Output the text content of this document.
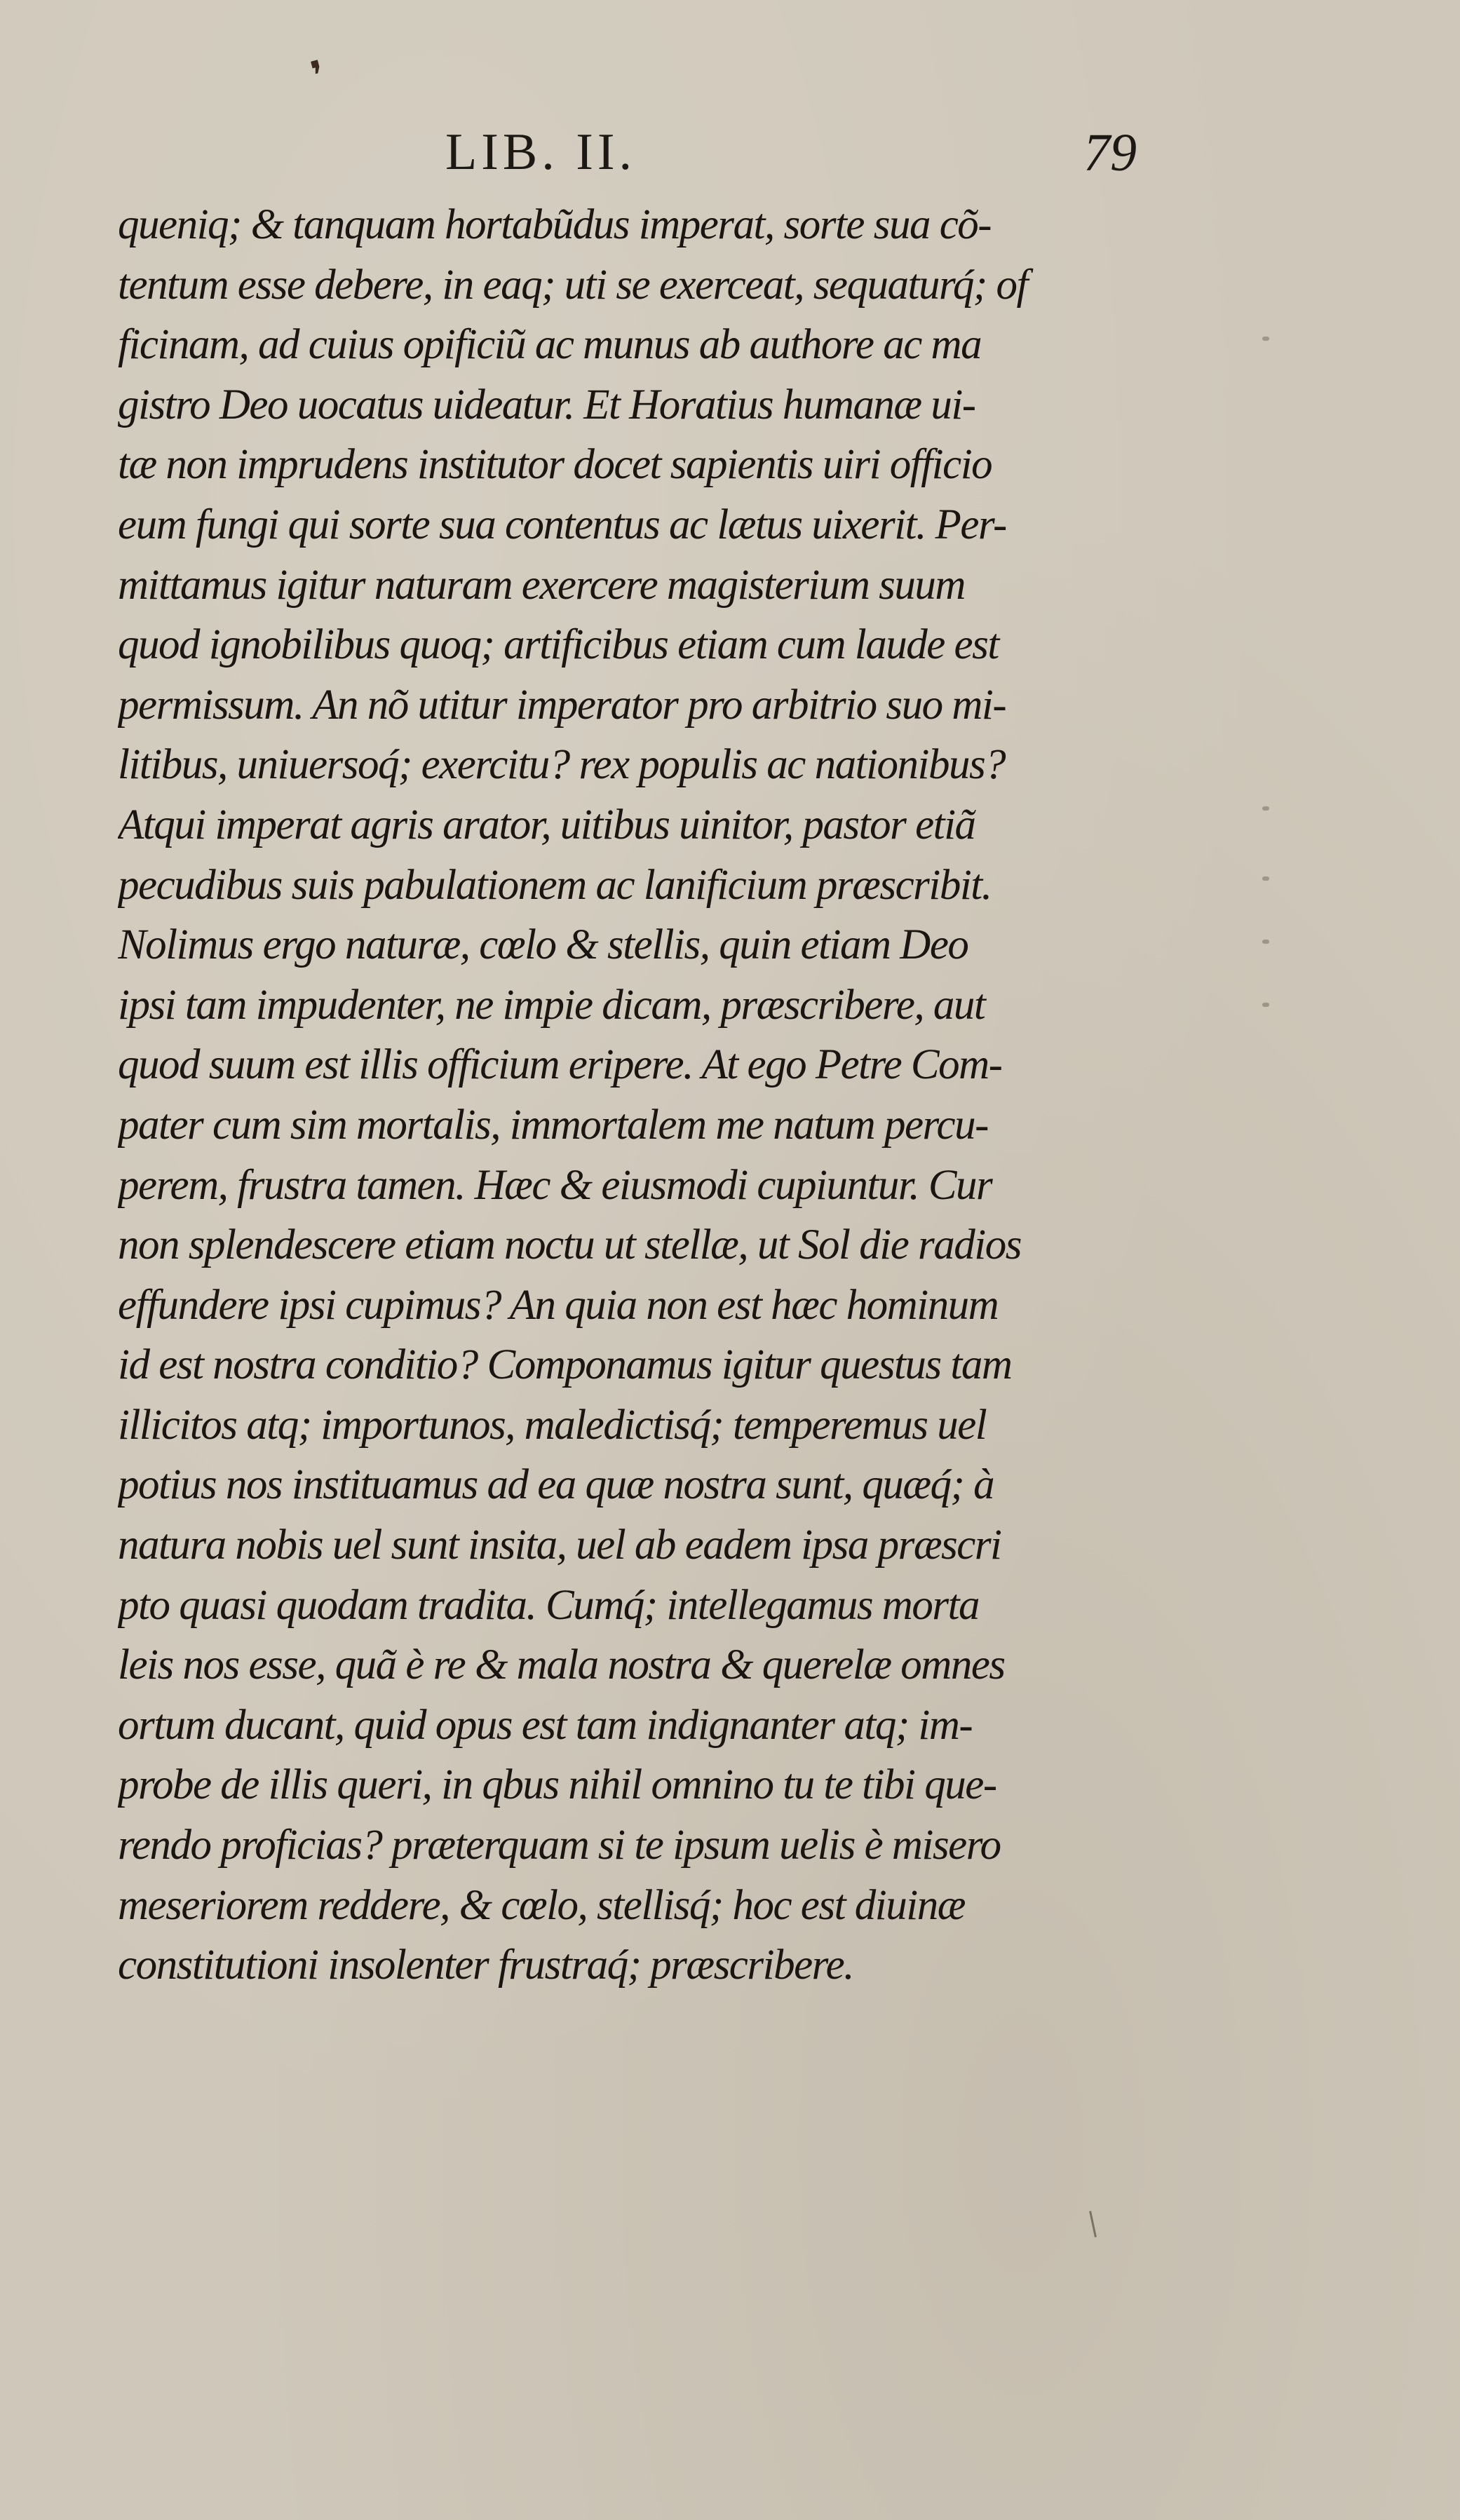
❜
LIB. II.	79
queniq; & tanquam hortabũdus imperat, sorte sua cõ-
tentum esse debere, in eaq; uti se exerceat, sequaturq́; of
ficinam, ad cuius opificiũ ac munus ab authore ac ma
gistro Deo uocatus uideatur. Et Horatius humanæ ui-
tæ non imprudens institutor docet sapientis uiri officio
eum fungi qui sorte sua contentus ac lætus uixerit. Per-
mittamus igitur naturam exercere magisterium suum
quod ignobilibus quoq; artificibus etiam cum laude est
permissum. An nõ utitur imperator pro arbitrio suo mi-
litibus, uniuersoq́; exercitu? rex populis ac nationibus?
Atqui imperat agris arator, uitibus uinitor, pastor etiã
pecudibus suis pabulationem ac lanificium præscribit.
Nolimus ergo naturæ, cœlo & stellis, quin etiam Deo
ipsi tam impudenter, ne impie dicam, præscribere, aut
quod suum est illis officium eripere. At ego Petre Com-
pater cum sim mortalis, immortalem me natum percu-
perem, frustra tamen. Hæc & eiusmodi cupiuntur. Cur
non splendescere etiam noctu ut stellæ, ut Sol die radios
effundere ipsi cupimus? An quia non est hæc hominum
id est nostra conditio? Componamus igitur questus tam
illicitos atq; importunos, maledictisq́; temperemus uel
potius nos instituamus ad ea quæ nostra sunt, quæq́; à
natura nobis uel sunt insita, uel ab eadem ipsa præscri
pto quasi quodam tradita. Cumq́; intellegamus morta
leis nos esse, quã è re & mala nostra & querelæ omnes
ortum ducant, quid opus est tam indignanter atq; im-
probe de illis queri, in qbus nihil omnino tu te tibi que-
rendo proficias? præterquam si te ipsum uelis è misero
meseriorem reddere, & cœlo, stellisq́; hoc est diuinæ
constitutioni insolenter frustraq́; præscribere.
